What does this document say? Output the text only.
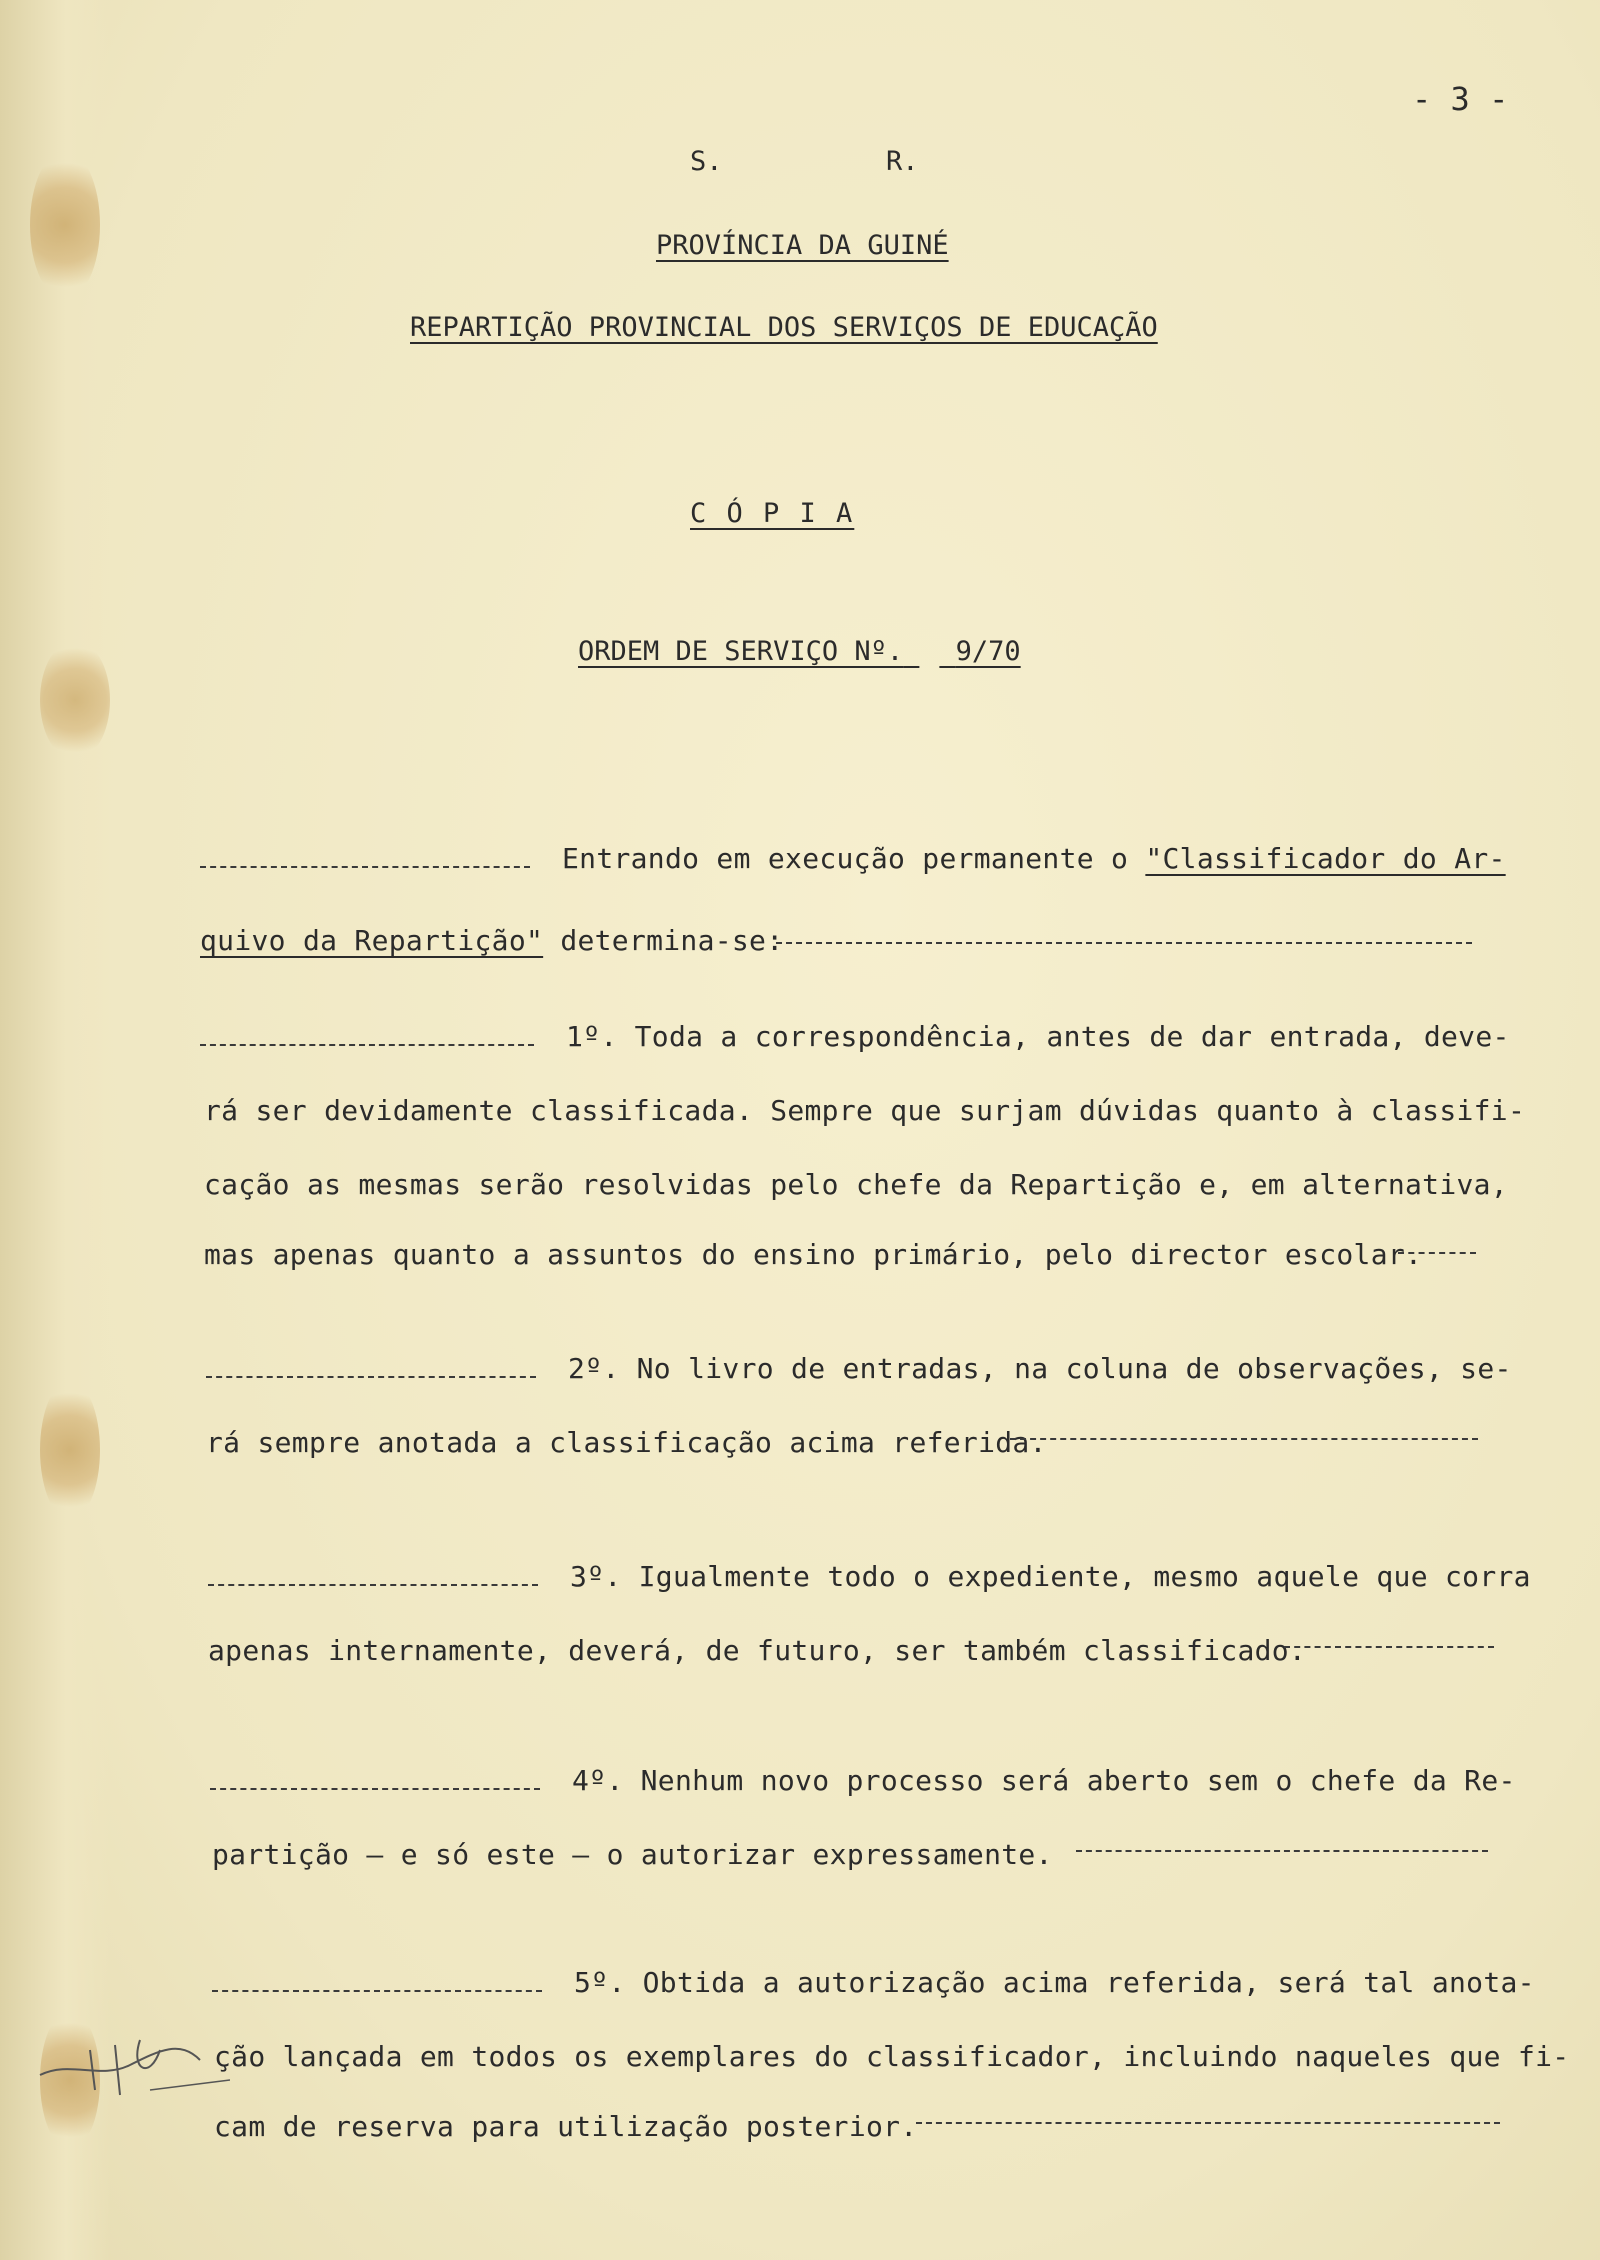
- 3 -
S.	R.
PROVÍNCIA DA GUINÉ
REPARTIÇÃO PROVINCIAL DOS SERVIÇOS DE EDUCAÇÃO
C Ó P I A
ORDEM DE SERVIÇO Nº. 9/70
Entrando em execução permanente o "Classificador do Ar-
quivo da Repartição" determina-se:
1º. Toda a correspondência, antes de dar entrada, deve-
rá ser devidamente classificada. Sempre que surjam dúvidas quanto à classifi-
cação as mesmas serão resolvidas pelo chefe da Repartição e, em alternativa,
mas apenas quanto a assuntos do ensino primário, pelo director escolar.
2º. No livro de entradas, na coluna de observações, se-
rá sempre anotada a classificação acima referida.
3º. Igualmente todo o expediente, mesmo aquele que corra
apenas internamente, deverá, de futuro, ser também classificado.
4º. Nenhum novo processo será aberto sem o chefe da Re-
partição — e só este — o autorizar expressamente.
5º. Obtida a autorização acima referida, será tal anota-
ção lançada em todos os exemplares do classificador, incluindo naqueles que fi-
cam de reserva para utilização posterior.
